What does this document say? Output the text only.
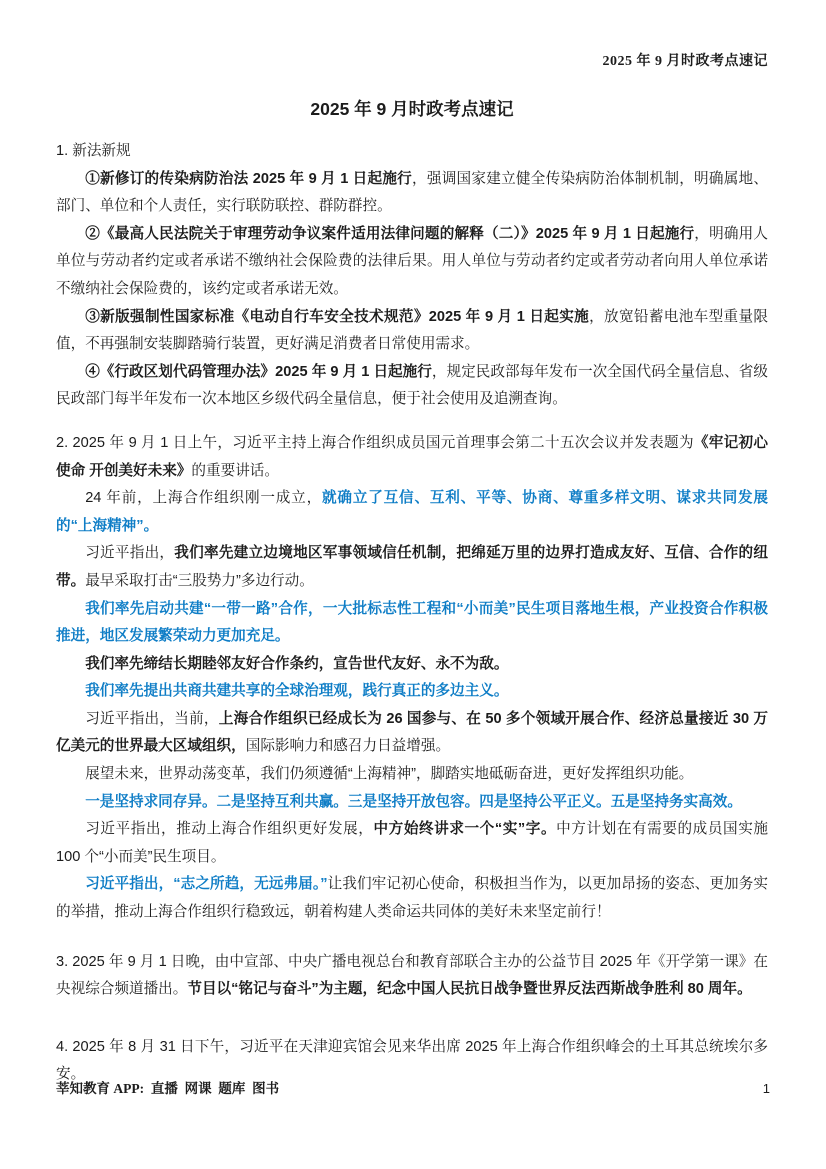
2025 年 9 月时政考点速记
2025 年 9 月时政考点速记

1. 新法新规

①新修订的传染病防治法 2025 年 9 月 1 日起施行，强调国家建立健全传染病防治体制机制，明确属地、部门、单位和个人责任，实行联防联控、群防群控。

②《最高人民法院关于审理劳动争议案件适用法律问题的解释（二）》2025 年 9 月 1 日起施行，明确用人单位与劳动者约定或者承诺不缴纳社会保险费的法律后果。用人单位与劳动者约定或者劳动者向用人单位承诺不缴纳社会保险费的，该约定或者承诺无效。

③新版强制性国家标准《电动自行车安全技术规范》2025 年 9 月 1 日起实施，放宽铅蓄电池车型重量限值，不再强制安装脚踏骑行装置，更好满足消费者日常使用需求。

④《行政区划代码管理办法》2025 年 9 月 1 日起施行，规定民政部每年发布一次全国代码全量信息、省级民政部门每半年发布一次本地区乡级代码全量信息，便于社会使用及追溯查询。

2. 2025 年 9 月 1 日上午，习近平主持上海合作组织成员国元首理事会第二十五次会议并发表题为《牢记初心使命 开创美好未来》的重要讲话。

24 年前，上海合作组织刚一成立，就确立了互信、互利、平等、协商、尊重多样文明、谋求共同发展的“上海精神”。

习近平指出，我们率先建立边境地区军事领域信任机制，把绵延万里的边界打造成友好、互信、合作的纽带。最早采取打击“三股势力”多边行动。

我们率先启动共建“一带一路”合作，一大批标志性工程和“小而美”民生项目落地生根，产业投资合作积极推进，地区发展繁荣动力更加充足。

我们率先缔结长期睦邻友好合作条约，宣告世代友好、永不为敌。

我们率先提出共商共建共享的全球治理观，践行真正的多边主义。

习近平指出，当前，上海合作组织已经成长为 26 国参与、在 50 多个领域开展合作、经济总量接近 30 万亿美元的世界最大区域组织，国际影响力和感召力日益增强。

展望未来，世界动荡变革，我们仍须遵循“上海精神”，脚踏实地砥砺奋进，更好发挥组织功能。

一是坚持求同存异。二是坚持互利共赢。三是坚持开放包容。四是坚持公平正义。五是坚持务实高效。

习近平指出，推动上海合作组织更好发展，中方始终讲求一个“实”字。中方计划在有需要的成员国实施 100 个“小而美”民生项目。

习近平指出，“志之所趋，无远弗届。”让我们牢记初心使命，积极担当作为，以更加昂扬的姿态、更加务实的举措，推动上海合作组织行稳致远，朝着构建人类命运共同体的美好未来坚定前行！

3. 2025 年 9 月 1 日晚，由中宣部、中央广播电视总台和教育部联合主办的公益节目 2025 年《开学第一课》在央视综合频道播出。节目以“铭记与奋斗”为主题，纪念中国人民抗日战争暨世界反法西斯战争胜利 80 周年。

4. 2025 年 8 月 31 日下午，习近平在天津迎宾馆会见来华出席 2025 年上海合作组织峰会的土耳其总统埃尔多安。

莘知教育 APP:  直播  网课  题库  图书	1
